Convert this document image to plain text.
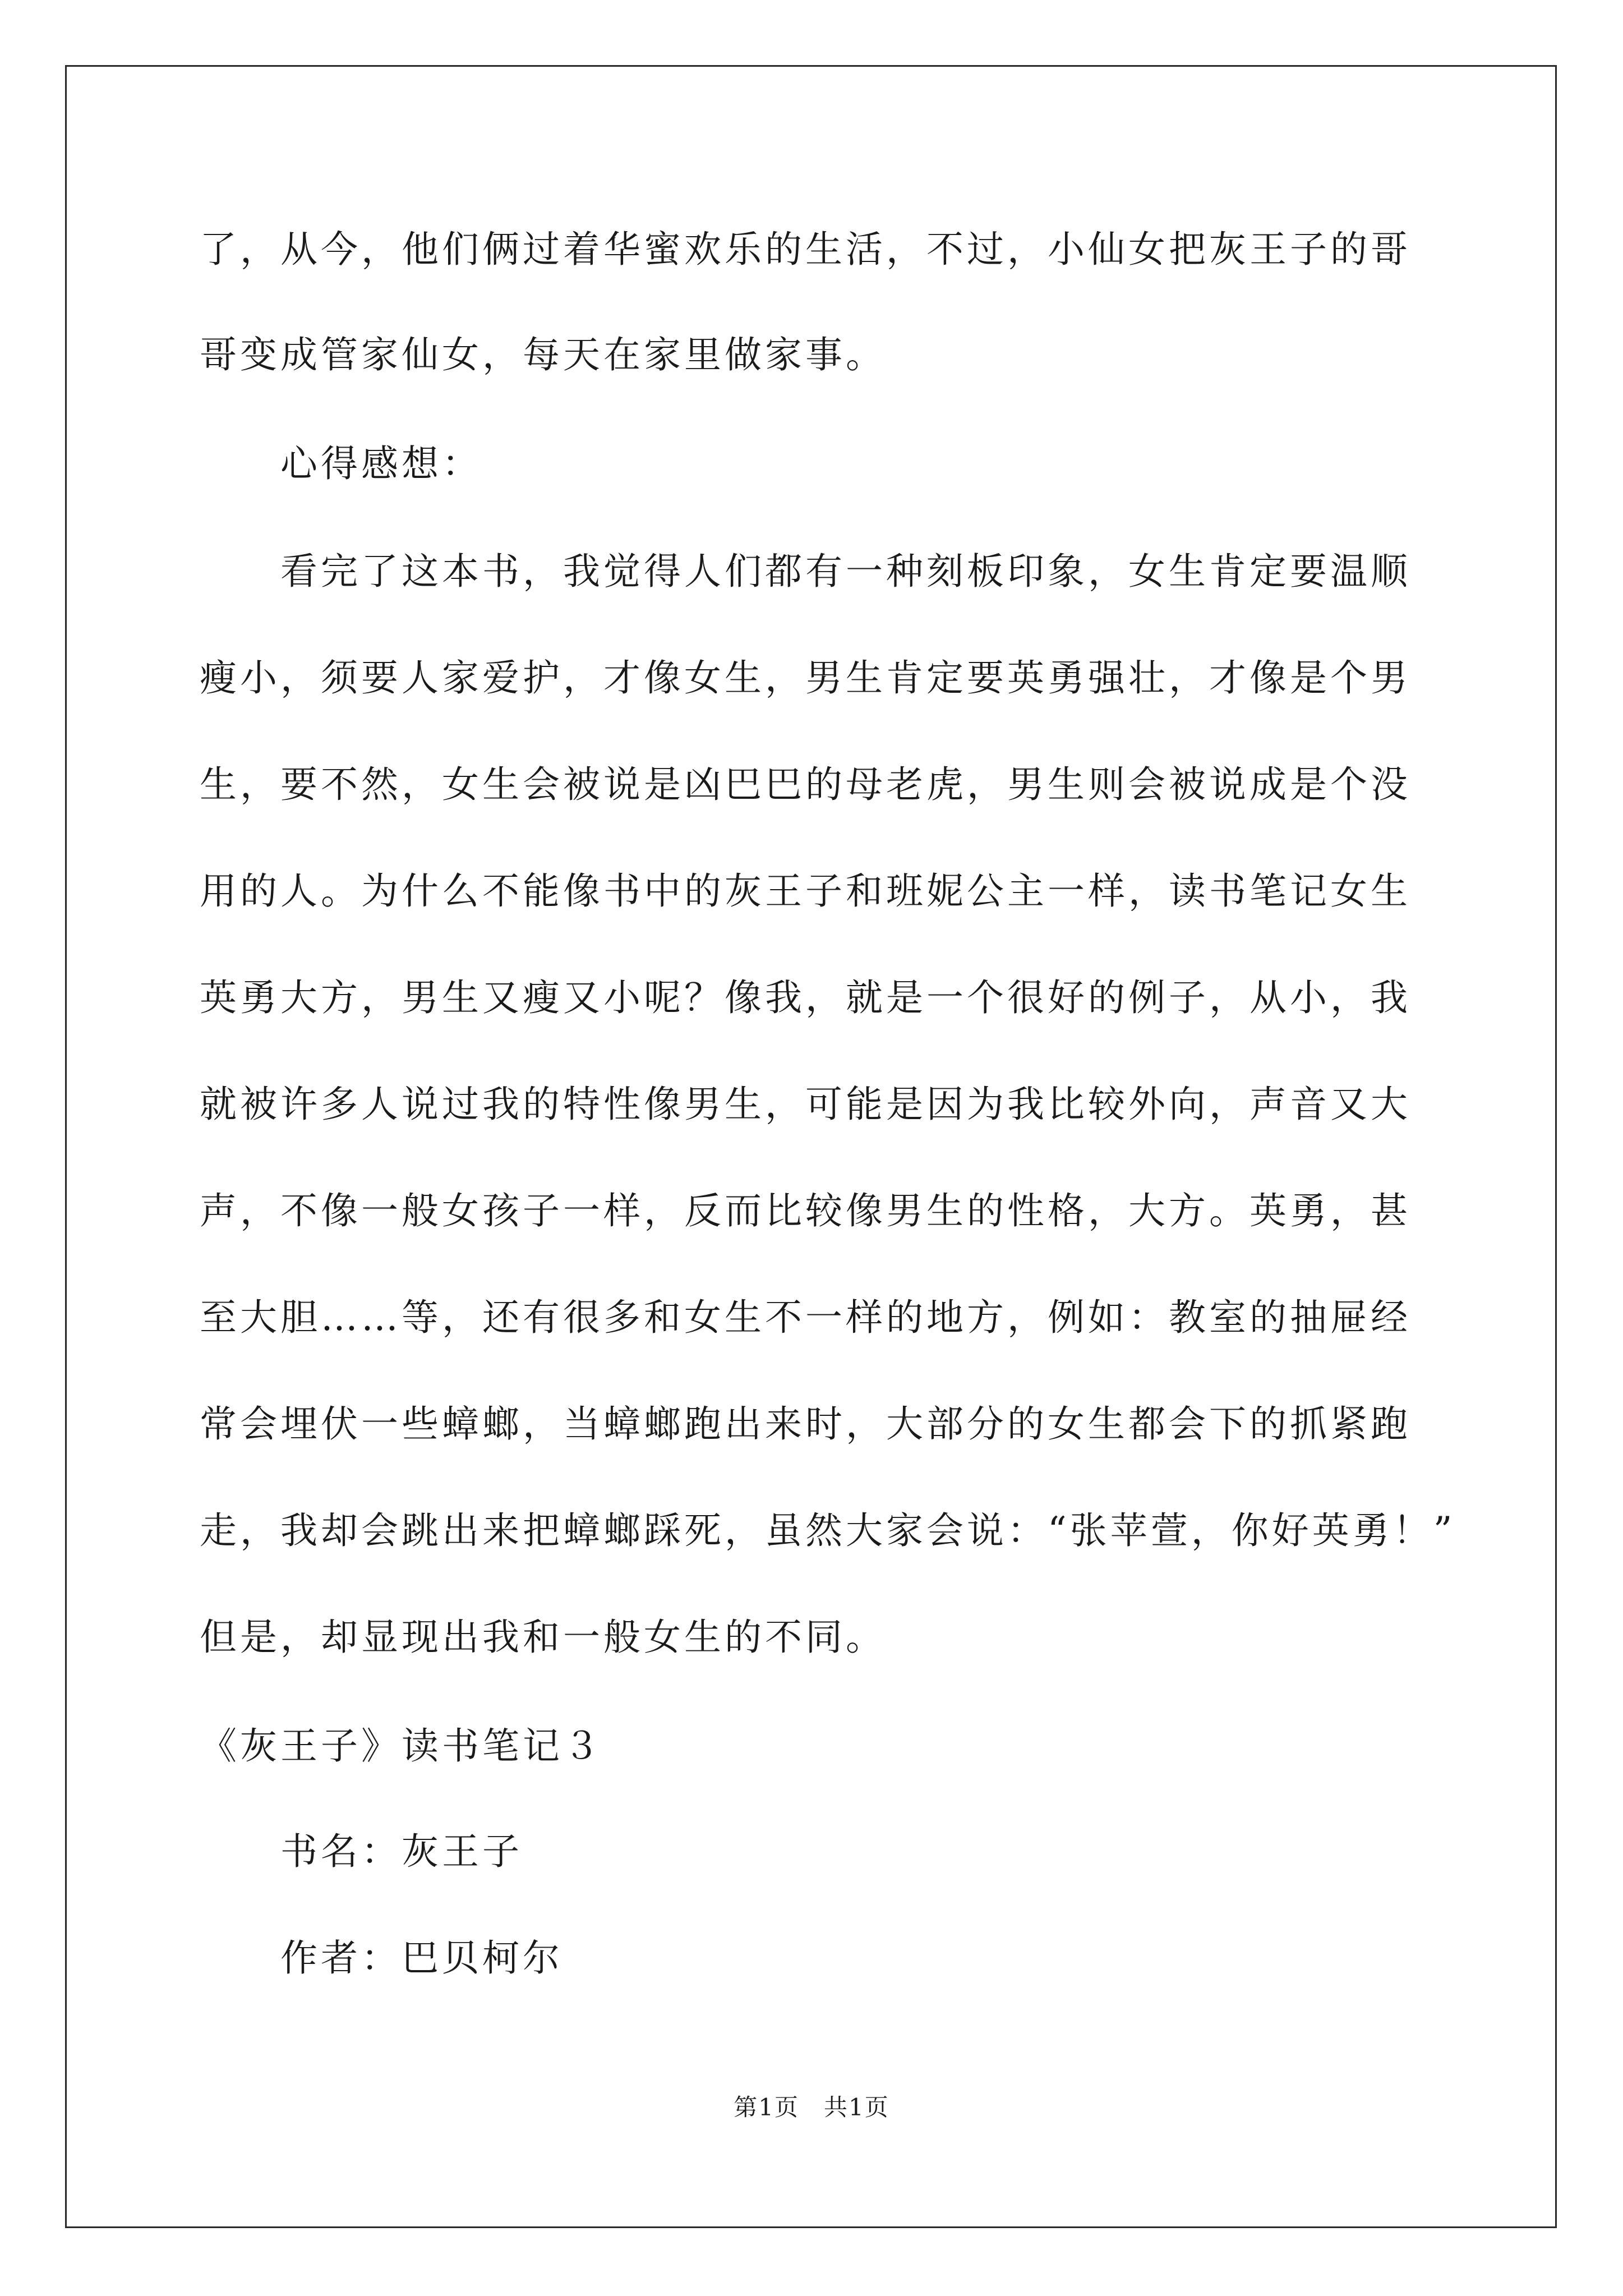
了，从今，他们俩过着华蜜欢乐的生活，不过，小仙女把灰王子的哥
哥变成管家仙女，每天在家里做家事。
心得感想：
看完了这本书，我觉得人们都有一种刻板印象，女生肯定要温顺
瘦小，须要人家爱护，才像女生，男生肯定要英勇强壮，才像是个男
生，要不然，女生会被说是凶巴巴的母老虎，男生则会被说成是个没
用的人。为什么不能像书中的灰王子和班妮公主一样，读书笔记女生
英勇大方，男生又瘦又小呢？像我，就是一个很好的例子，从小，我
就被许多人说过我的特性像男生，可能是因为我比较外向，声音又大
声，不像一般女孩子一样，反而比较像男生的性格，大方。英勇，甚
至大胆……等，还有很多和女生不一样的地方，例如：教室的抽屉经
常会埋伏一些蟑螂，当蟑螂跑出来时，大部分的女生都会下的抓紧跑
走，我却会跳出来把蟑螂踩死，虽然大家会说：“张苹萱，你好英勇！”
但是，却显现出我和一般女生的不同。
《灰王子》读书笔记３
书名：灰王子
作者：巴贝柯尔
第1页　共1页
